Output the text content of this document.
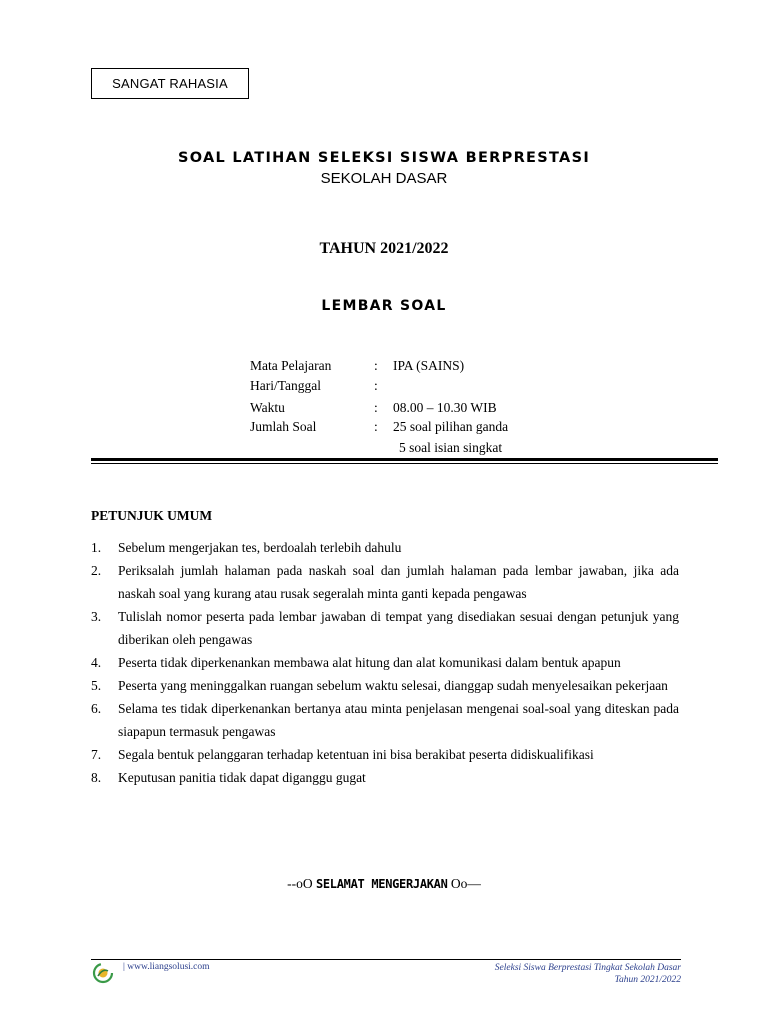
SANGAT RAHASIA
SOAL LATIHAN SELEKSI SISWA BERPRESTASI
SEKOLAH DASAR
TAHUN 2021/2022
LEMBAR SOAL
Mata Pelajaran	: IPA (SAINS)
Hari/Tanggal	:
Waktu	: 08.00 – 10.30 WIB
Jumlah Soal	: 25 soal pilihan ganda
5 soal isian singkat
PETUNJUK UMUM
1. Sebelum mengerjakan tes, berdoalah terlebih dahulu
2. Periksalah jumlah halaman pada naskah soal dan jumlah halaman pada lembar jawaban, jika ada naskah soal yang kurang atau rusak segeralah minta ganti kepada pengawas
3. Tulislah nomor peserta pada lembar jawaban di tempat yang disediakan sesuai dengan petunjuk yang diberikan oleh pengawas
4. Peserta tidak diperkenankan membawa alat hitung dan alat komunikasi dalam bentuk apapun
5. Peserta yang meninggalkan ruangan sebelum waktu selesai, dianggap sudah menyelesaikan pekerjaan
6. Selama tes tidak diperkenankan bertanya atau minta penjelasan mengenai soal-soal yang diteskan pada siapapun termasuk pengawas
7. Segala bentuk pelanggaran terhadap ketentuan ini bisa berakibat peserta didiskualifikasi
8. Keputusan panitia tidak dapat diganggu gugat
--oO SELAMAT MENGERJAKAN Oo—
| www.liangsolusi.com	Seleksi Siswa Berprestasi Tingkat Sekolah Dasar
Tahun 2021/2022
